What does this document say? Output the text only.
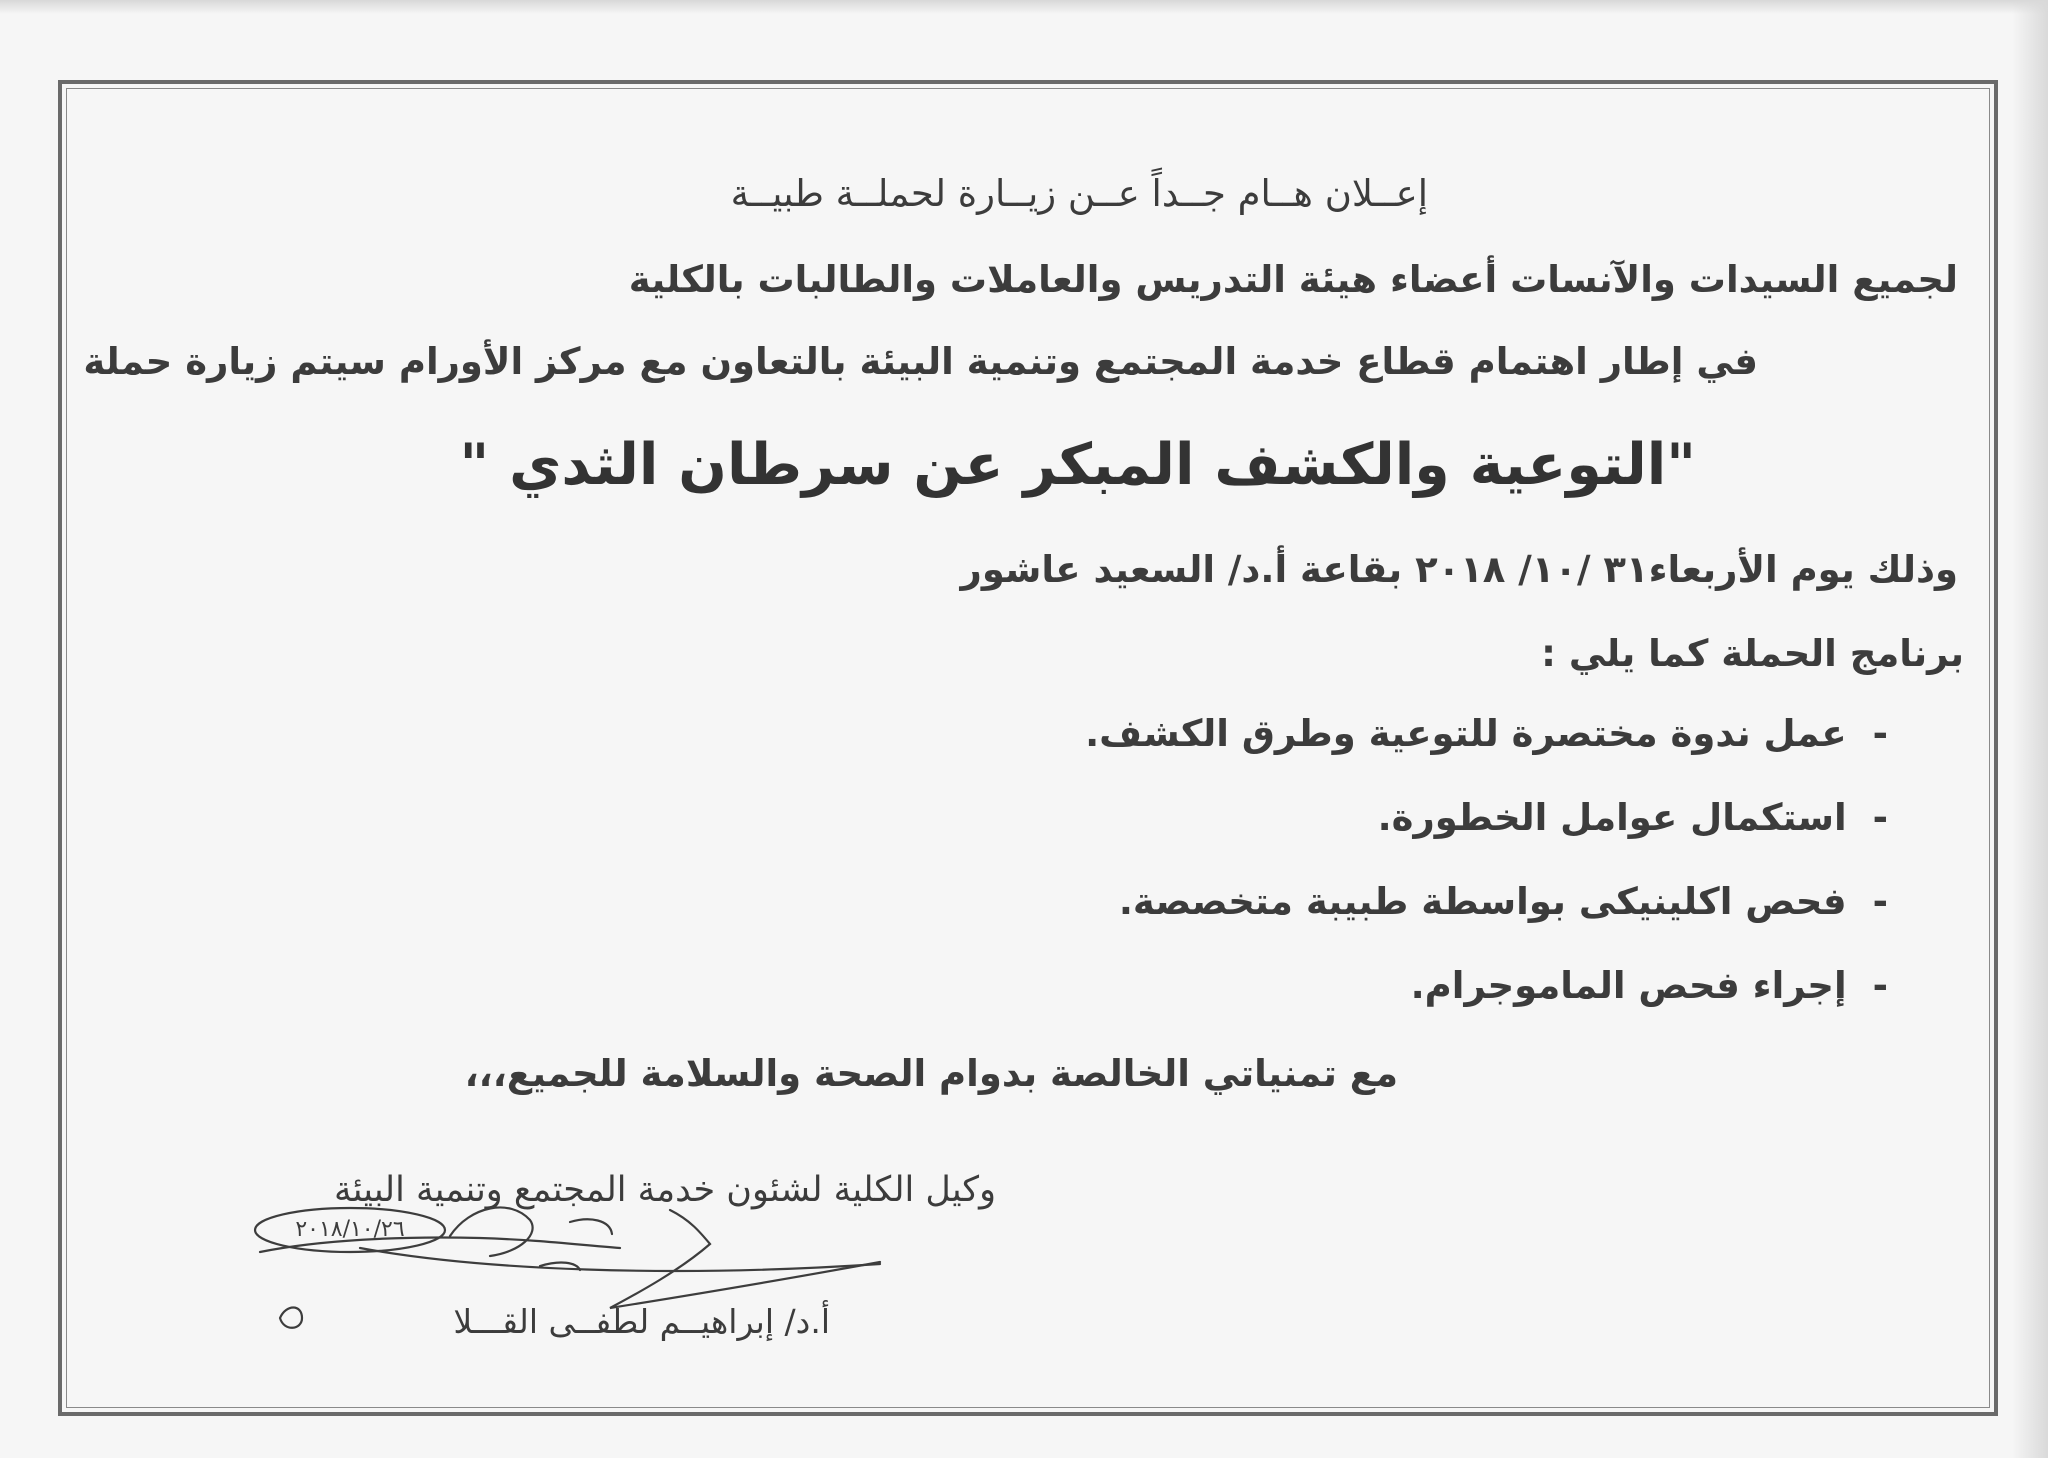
إعــلان هــام جــداً عــن زيــارة لحملــة طبيــة
لجميع السيدات والآنسات أعضاء هيئة التدريس والعاملات والطالبات بالكلية
في إطار اهتمام قطاع خدمة المجتمع وتنمية البيئة بالتعاون مع مركز الأورام سيتم زيارة حملة
"التوعية والكشف المبكر عن سرطان الثدي "
وذلك يوم الأربعاء٣١ /١٠/ ٢٠١٨ بقاعة أ.د/ السعيد عاشور
برنامج الحملة كما يلي :
-عمل ندوة مختصرة للتوعية وطرق الكشف.
-استكمال عوامل الخطورة.
-فحص اكلينيكى بواسطة طبيبة متخصصة.
-إجراء فحص الماموجرام.
مع تمنياتي الخالصة بدوام الصحة والسلامة للجميع،،،
وكيل الكلية لشئون خدمة المجتمع وتنمية البيئة
٢٠١٨/١٠/٢٦
أ.د/ إبراهيــم لطفــى القـــلا
